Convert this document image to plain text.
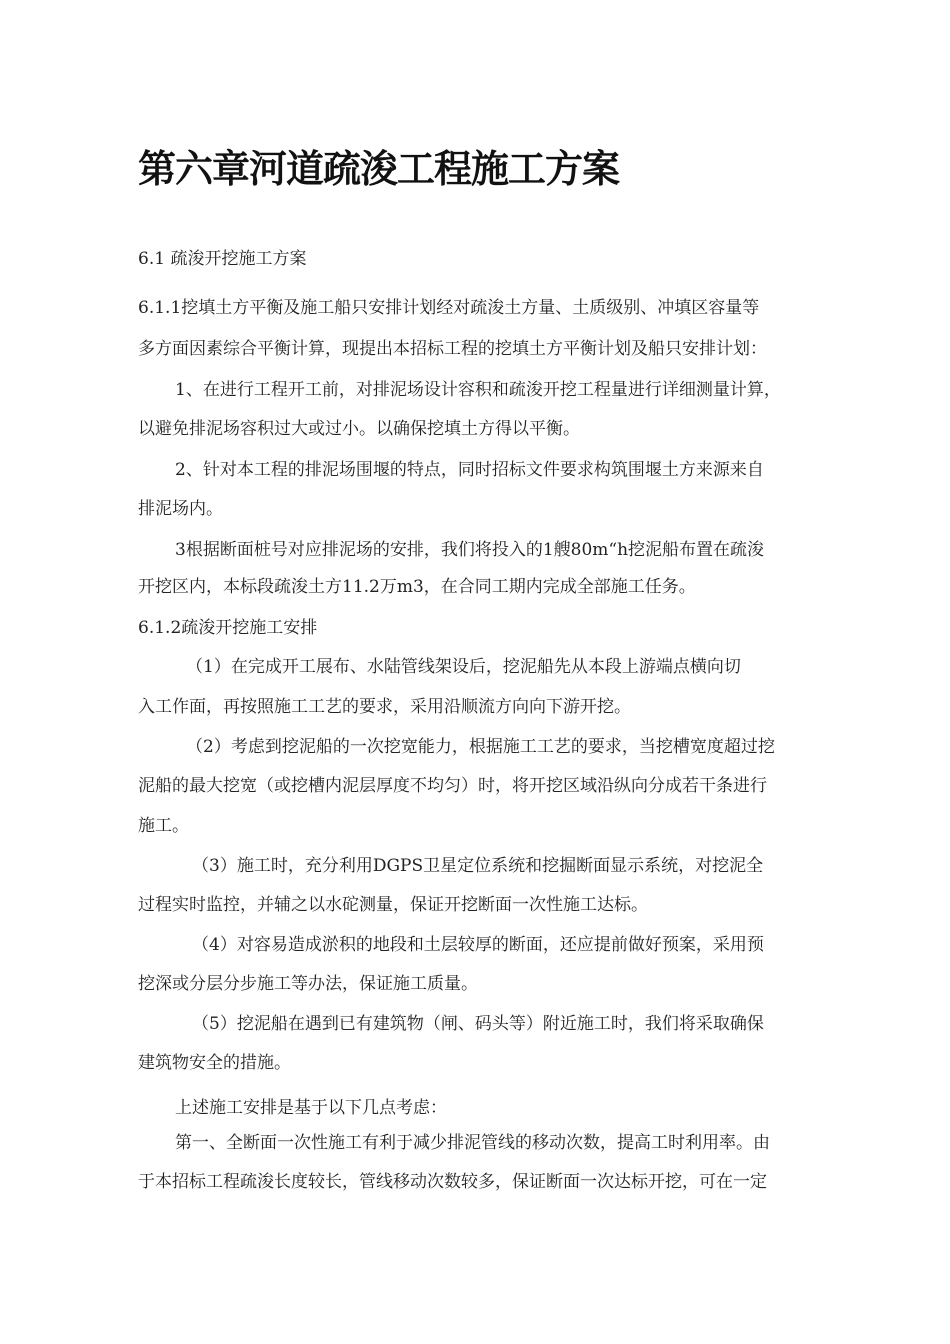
第六章河道疏浚工程施工方案
6.1 疏浚开挖施工方案
6.1.1挖填土方平衡及施工船只安排计划经对疏浚土方量、土质级别、冲填区容量等
多方面因素综合平衡计算，现提出本招标工程的挖填土方平衡计划及船只安排计划：
1、在进行工程开工前，对排泥场设计容积和疏浚开挖工程量进行详细测量计算，
以避免排泥场容积过大或过小。以确保挖填土方得以平衡。
2、针对本工程的排泥场围堰的特点，同时招标文件要求构筑围堰土方来源来自
排泥场内。
3根据断面桩号对应排泥场的安排，我们将投入的1艘80m“h挖泥船布置在疏浚
开挖区内，本标段疏浚土方11.2万m3，在合同工期内完成全部施工任务。
6.1.2疏浚开挖施工安排
（1）在完成开工展布、水陆管线架设后，挖泥船先从本段上游端点横向切
入工作面，再按照施工工艺的要求，采用沿顺流方向向下游开挖。
（2）考虑到挖泥船的一次挖宽能力，根据施工工艺的要求，当挖槽宽度超过挖
泥船的最大挖宽（或挖槽内泥层厚度不均匀）时，将开挖区域沿纵向分成若干条进行
施工。
（3）施工时，充分利用DGPS卫星定位系统和挖掘断面显示系统，对挖泥全
过程实时监控，并辅之以水砣测量，保证开挖断面一次性施工达标。
（4）对容易造成淤积的地段和土层较厚的断面，还应提前做好预案，采用预
挖深或分层分步施工等办法，保证施工质量。
（5）挖泥船在遇到已有建筑物（闸、码头等）附近施工时，我们将采取确保
建筑物安全的措施。
上述施工安排是基于以下几点考虑：
第一、全断面一次性施工有利于减少排泥管线的移动次数，提高工时利用率。由
于本招标工程疏浚长度较长，管线移动次数较多，保证断面一次达标开挖，可在一定
